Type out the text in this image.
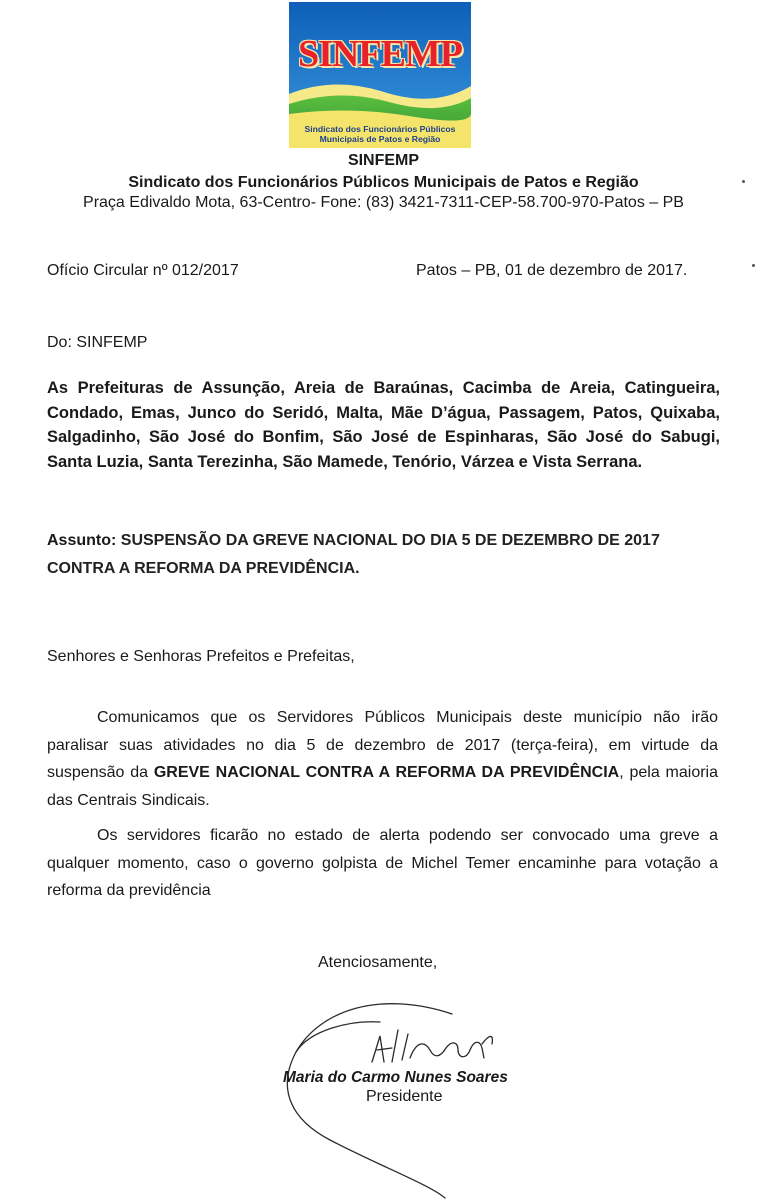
SINFEMP
Sindicato dos Funcionários Públicos
Municipais de Patos e Região
SINFEMP
Sindicato dos Funcionários Públicos Municipais de Patos e Região
Praça Edivaldo Mota, 63-Centro- Fone: (83) 3421-7311-CEP-58.700-970-Patos – PB
Ofício Circular nº 012/2017	Patos – PB, 01 de dezembro de 2017.
Do: SINFEMP
As Prefeituras de Assunção, Areia de Baraúnas, Cacimba de Areia, Catingueira, Condado, Emas, Junco do Seridó, Malta, Mãe D’água, Passagem, Patos, Quixaba, Salgadinho, São José do Bonfim, São José de Espinharas, São José do Sabugi, Santa Luzia, Santa Terezinha, São Mamede, Tenório, Várzea e Vista Serrana.
Assunto: SUSPENSÃO DA GREVE NACIONAL DO DIA 5 DE DEZEMBRO DE 2017 CONTRA A REFORMA DA PREVIDÊNCIA.
Senhores e Senhoras Prefeitos e Prefeitas,
Comunicamos que os Servidores Públicos Municipais deste município não irão paralisar suas atividades no dia 5 de dezembro de 2017 (terça-feira), em virtude da suspensão da GREVE NACIONAL CONTRA A REFORMA DA PREVIDÊNCIA, pela maioria das Centrais Sindicais.
Os servidores ficarão no estado de alerta podendo ser convocado uma greve a qualquer momento, caso o governo golpista de Michel Temer encaminhe para votação a reforma da previdência
Atenciosamente,
Maria do Carmo Nunes Soares
Presidente
